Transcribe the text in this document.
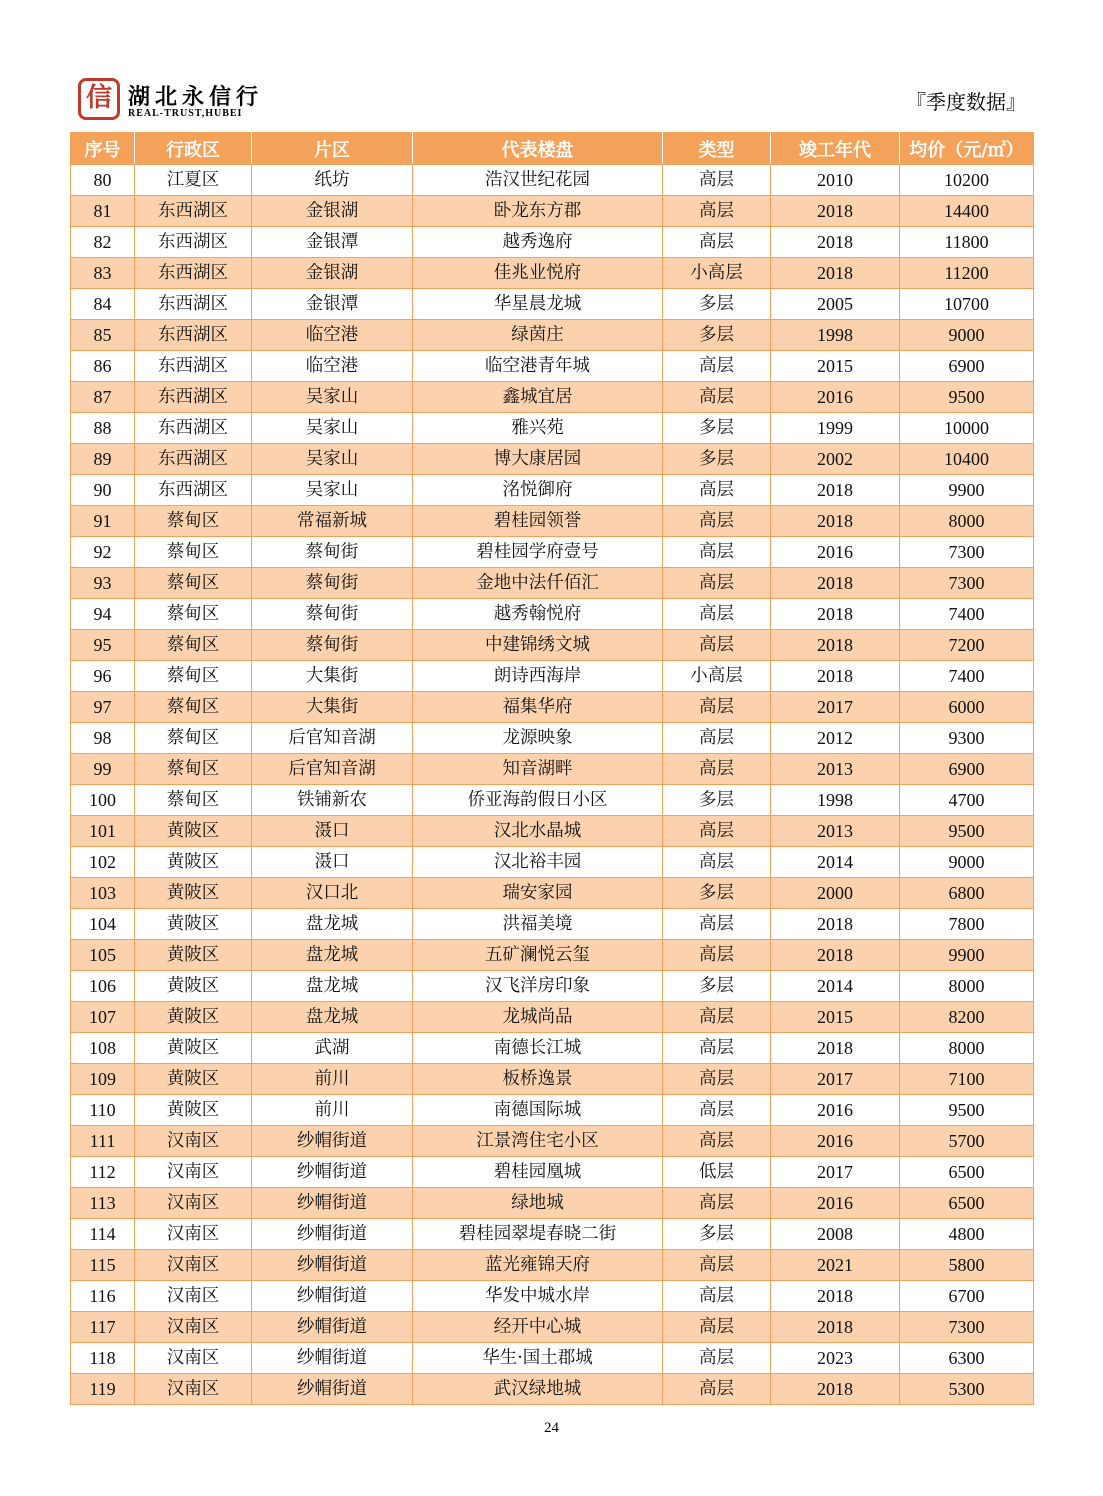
信 湖北永信行
REAL-TRUST,HUBEI	『季度数据』
序号	行政区	片区	代表楼盘	类型	竣工年代	均价（元/㎡）
80	江夏区	纸坊	浩汉世纪花园	高层	2010	10200
81	东西湖区	金银湖	卧龙东方郡	高层	2018	14400
82	东西湖区	金银潭	越秀逸府	高层	2018	11800
83	东西湖区	金银湖	佳兆业悦府	小高层	2018	11200
84	东西湖区	金银潭	华星晨龙城	多层	2005	10700
85	东西湖区	临空港	绿茵庄	多层	1998	9000
86	东西湖区	临空港	临空港青年城	高层	2015	6900
87	东西湖区	吴家山	鑫城宜居	高层	2016	9500
88	东西湖区	吴家山	雅兴苑	多层	1999	10000
89	东西湖区	吴家山	博大康居园	多层	2002	10400
90	东西湖区	吴家山	洺悦御府	高层	2018	9900
91	蔡甸区	常福新城	碧桂园领誉	高层	2018	8000
92	蔡甸区	蔡甸街	碧桂园学府壹号	高层	2016	7300
93	蔡甸区	蔡甸街	金地中法仟佰汇	高层	2018	7300
94	蔡甸区	蔡甸街	越秀翰悦府	高层	2018	7400
95	蔡甸区	蔡甸街	中建锦绣文城	高层	2018	7200
96	蔡甸区	大集街	朗诗西海岸	小高层	2018	7400
97	蔡甸区	大集街	福集华府	高层	2017	6000
98	蔡甸区	后官知音湖	龙源映象	高层	2012	9300
99	蔡甸区	后官知音湖	知音湖畔	高层	2013	6900
100	蔡甸区	铁铺新农	侨亚海韵假日小区	多层	1998	4700
101	黄陂区	滠口	汉北水晶城	高层	2013	9500
102	黄陂区	滠口	汉北裕丰园	高层	2014	9000
103	黄陂区	汉口北	瑞安家园	多层	2000	6800
104	黄陂区	盘龙城	洪福美境	高层	2018	7800
105	黄陂区	盘龙城	五矿澜悦云玺	高层	2018	9900
106	黄陂区	盘龙城	汉飞洋房印象	多层	2014	8000
107	黄陂区	盘龙城	龙城尚品	高层	2015	8200
108	黄陂区	武湖	南德长江城	高层	2018	8000
109	黄陂区	前川	板桥逸景	高层	2017	7100
110	黄陂区	前川	南德国际城	高层	2016	9500
111	汉南区	纱帽街道	江景湾住宅小区	高层	2016	5700
112	汉南区	纱帽街道	碧桂园凰城	低层	2017	6500
113	汉南区	纱帽街道	绿地城	高层	2016	6500
114	汉南区	纱帽街道	碧桂园翠堤春晓二街	多层	2008	4800
115	汉南区	纱帽街道	蓝光雍锦天府	高层	2021	5800
116	汉南区	纱帽街道	华发中城水岸	高层	2018	6700
117	汉南区	纱帽街道	经开中心城	高层	2018	7300
118	汉南区	纱帽街道	华生·国土郡城	高层	2023	6300
119	汉南区	纱帽街道	武汉绿地城	高层	2018	5300
24
